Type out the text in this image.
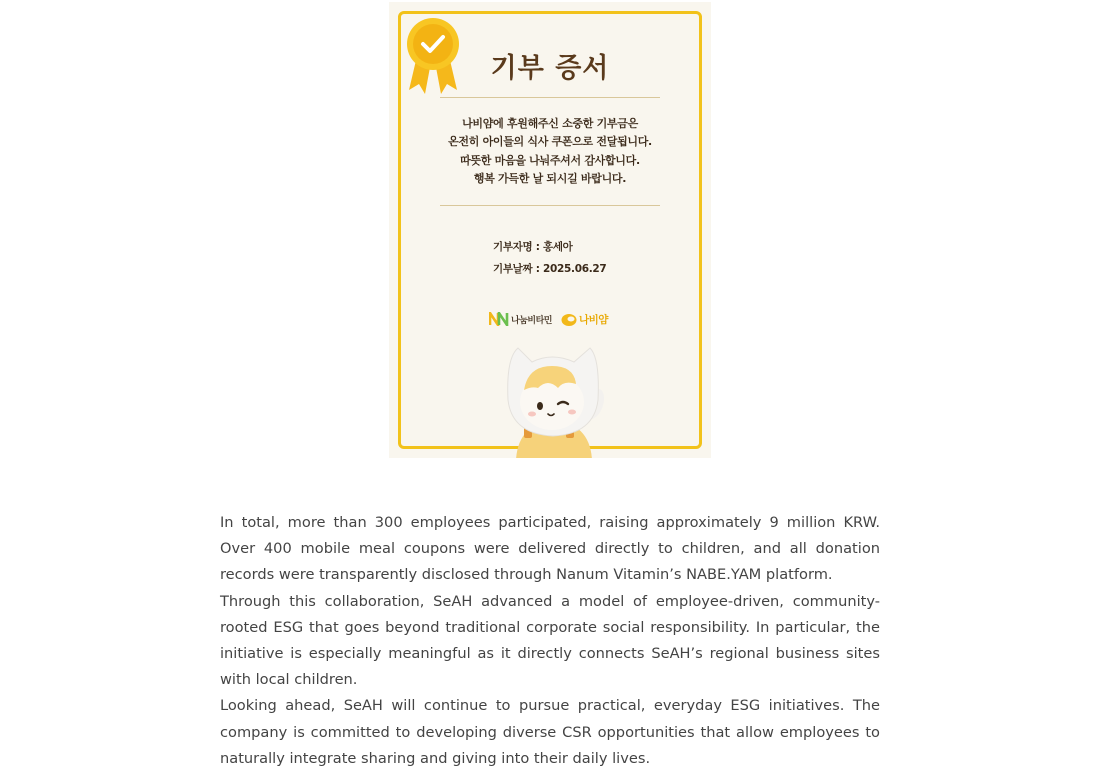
기부 증서
나비얌에 후원해주신 소중한 기부금은
온전히 아이들의 식사 쿠폰으로 전달됩니다.
따뜻한 마음을 나눠주셔서 감사합니다.
행복 가득한 날 되시길 바랍니다.
기부자명 : 홍세아
기부날짜 : 2025.06.27
나눔비타민	나비얌

In total, more than 300 employees participated, raising approximately 9 million KRW. Over 400 mobile meal coupons were delivered directly to children, and all donation records were transparently disclosed through Nanum Vitamin’s NABE.YAM platform.

Through this collaboration, SeAH advanced a model of employee-driven, community-rooted ESG that goes beyond traditional corporate social responsibility. In particular, the initiative is especially meaningful as it directly connects SeAH’s regional business sites with local children.

Looking ahead, SeAH will continue to pursue practical, everyday ESG initiatives. The company is committed to developing diverse CSR opportunities that allow employees to naturally integrate sharing and giving into their daily lives.
